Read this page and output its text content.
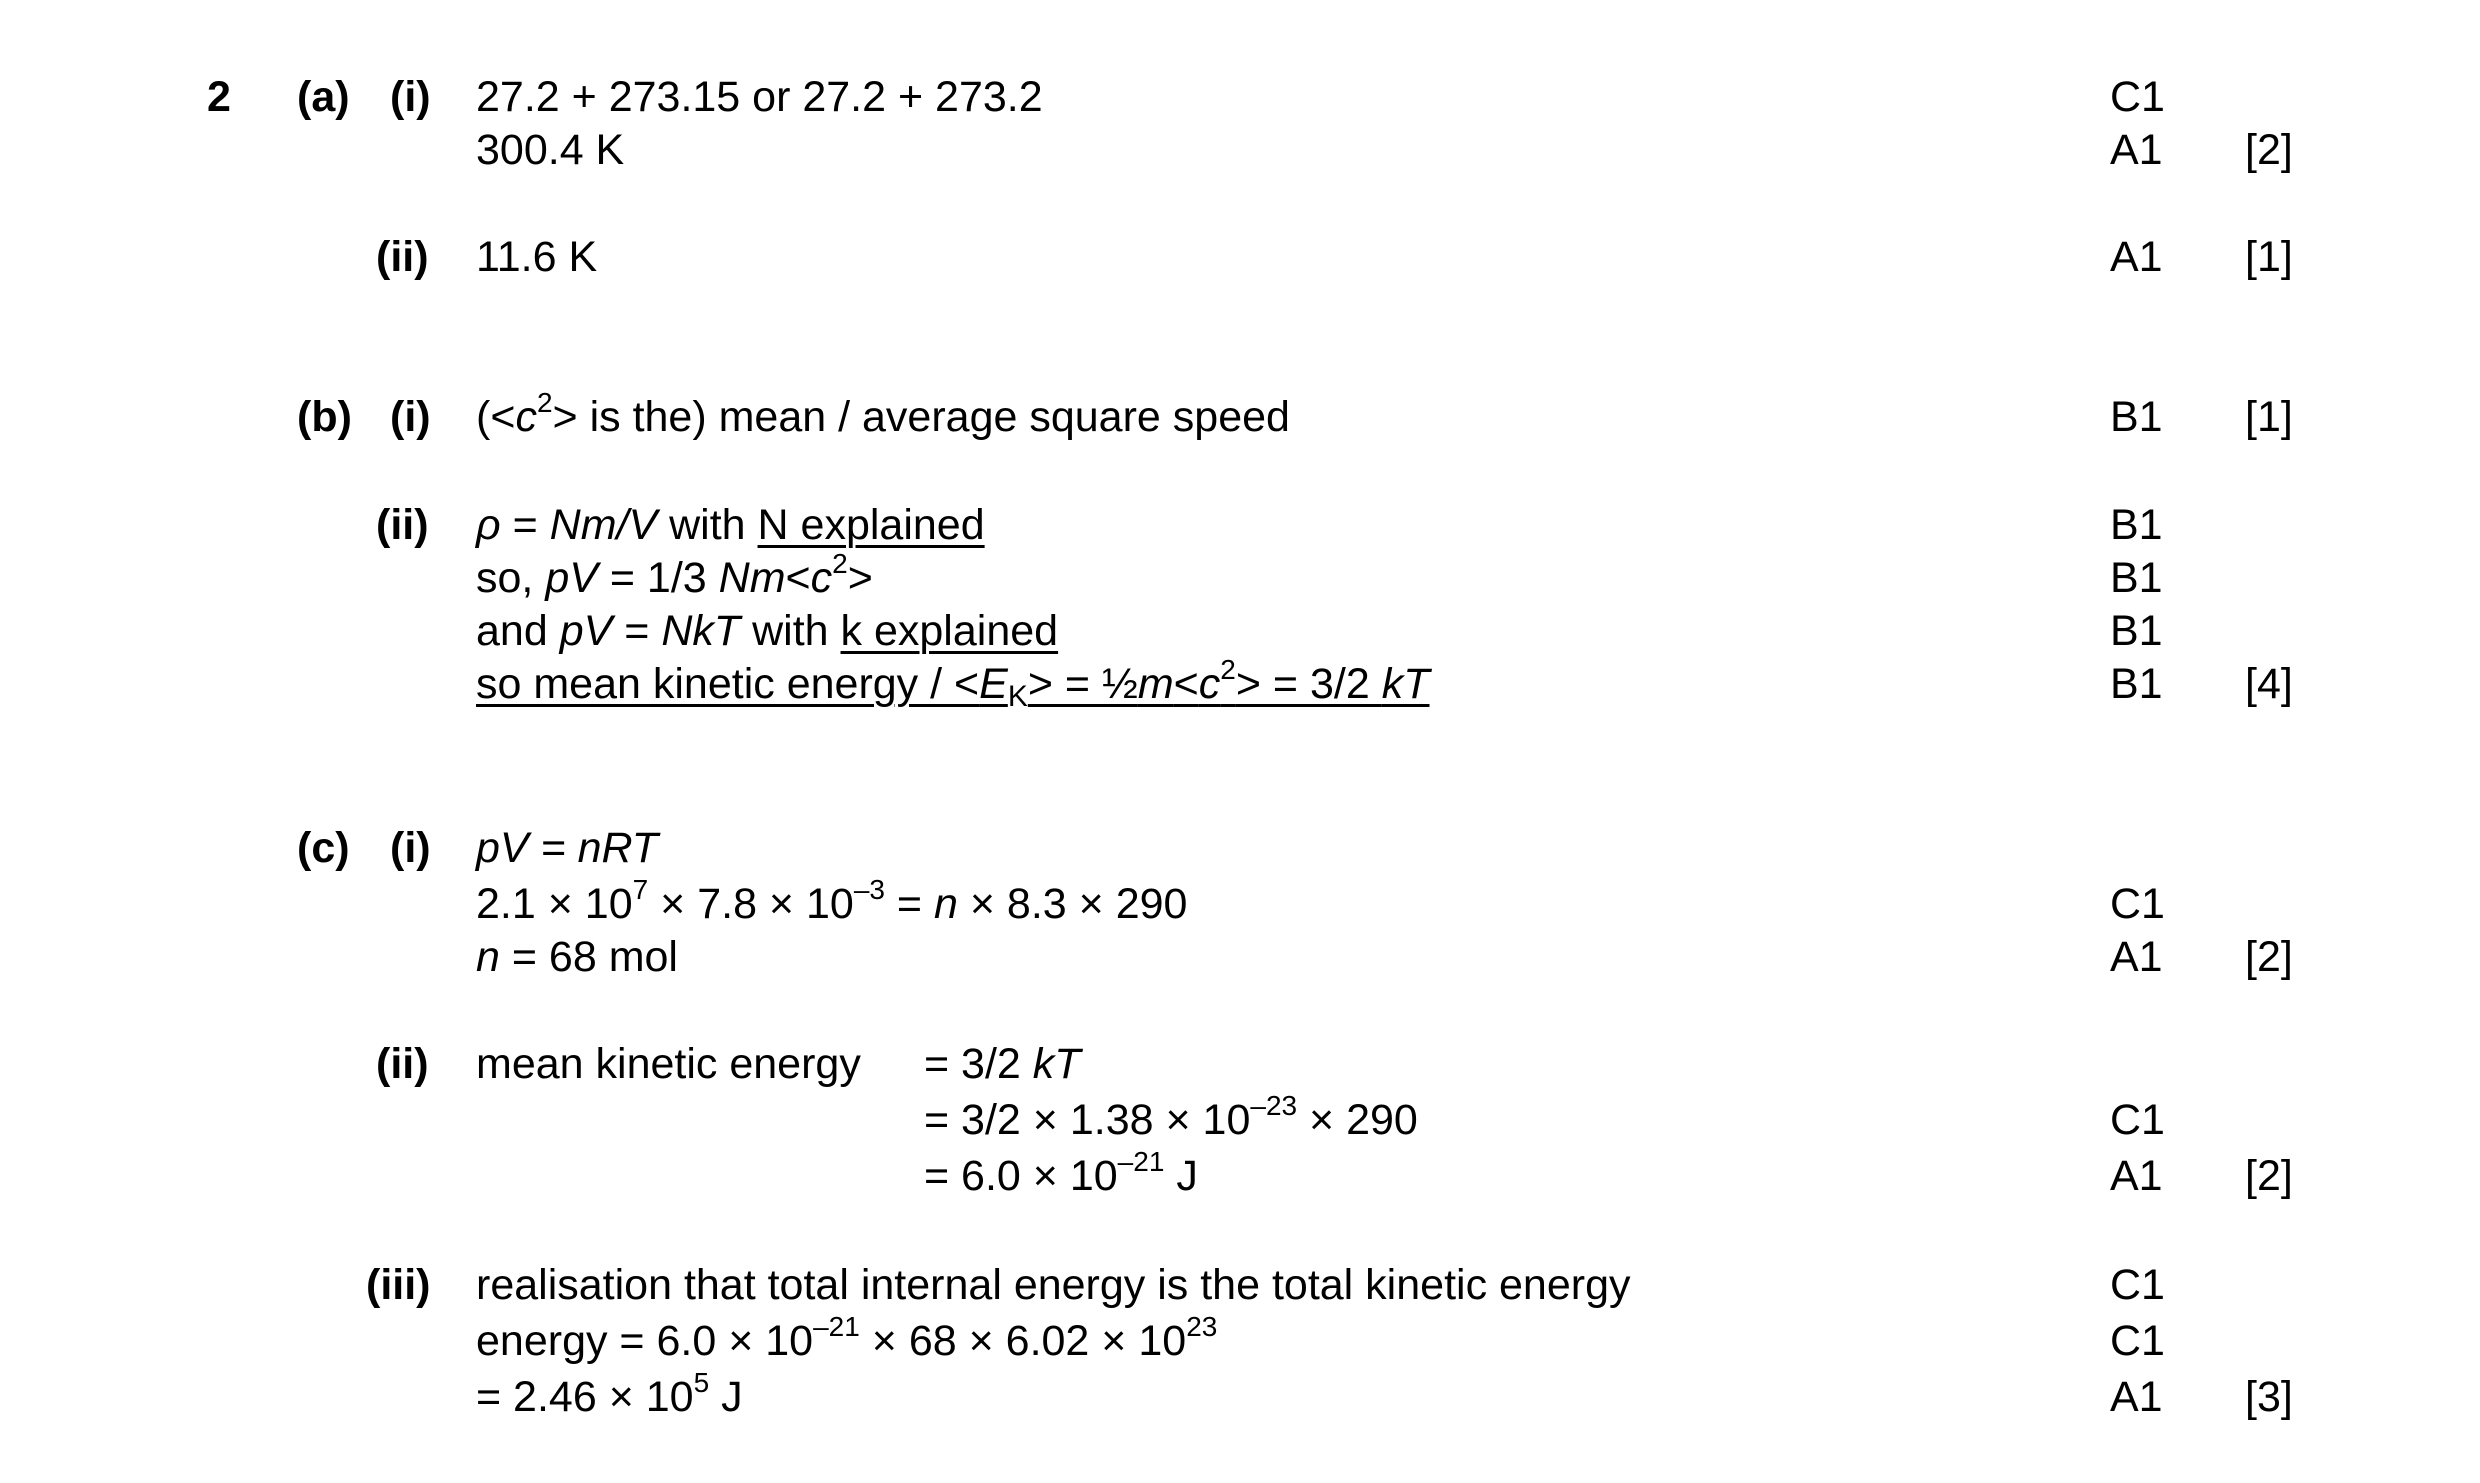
2 (a) (i) 27.2 + 273.15 or 27.2 + 273.2
300.4 K
C1
A1 [2]
(ii) 11.6 K	A1 [1]
(b) (i) ($<c^2>$ is the) mean / average square speed	B1 [1]
(ii) ρ = Nm/V with N explained
so, pV = 1/3 $Nm<c^2>$
and pV = NkT with k explained
so mean kinetic energy / $<E_K>$ = $\frac{1}{2}m<c^2> = 3/2$ kT
B1
B1
B1
B1 [4]
(c) (i) pV = nRT
$2.1 \times 10^7 \times 7.8 \times 10^{-3} = n \times 8.3 \times 290$
n = 68 mol
C1
A1 [2]
(ii) mean kinetic energy = 3/2 kT
= $3/2 \times 1.38 \times 10^{-23} \times 290$
= $6.0 \times 10^{-21}$ J
C1
A1 [2]
(iii) realisation that total internal energy is the total kinetic energy
energy = $6.0 \times 10^{-21} \times 68 \times 6.02 \times 10^{23}$
= $2.46 \times 10^5$ J
C1
C1
A1 [3]
